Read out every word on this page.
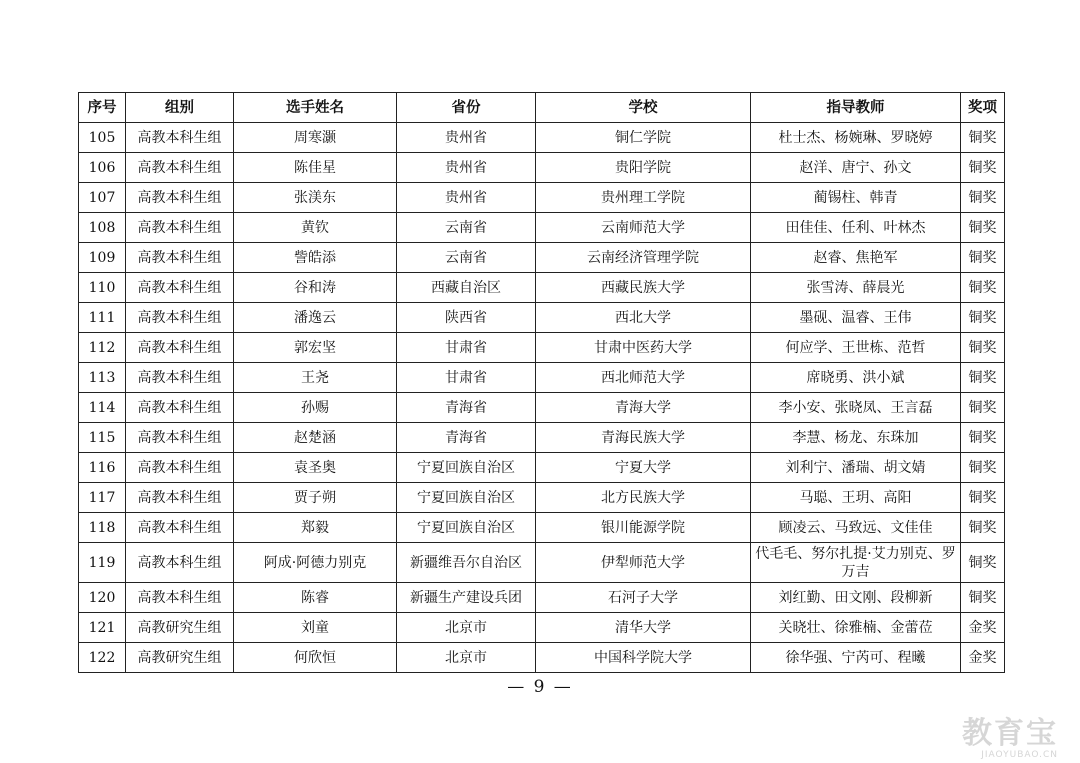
序号	组别	选手姓名	省份	学校	指导教师	奖项
105	高教本科生组	周寒灏	贵州省	铜仁学院	杜士杰、杨婉琳、罗晓婷	铜奖
106	高教本科生组	陈佳星	贵州省	贵阳学院	赵洋、唐宁、孙文	铜奖
107	高教本科生组	张渼东	贵州省	贵州理工学院	蔺锡柱、韩青	铜奖
108	高教本科生组	黄钦	云南省	云南师范大学	田佳佳、任利、叶林杰	铜奖
109	高教本科生组	訾皓添	云南省	云南经济管理学院	赵睿、焦艳军	铜奖
110	高教本科生组	谷和涛	西藏自治区	西藏民族大学	张雪涛、薛晨光	铜奖
111	高教本科生组	潘逸云	陕西省	西北大学	墨砚、温睿、王伟	铜奖
112	高教本科生组	郭宏坚	甘肃省	甘肃中医药大学	何应学、王世栋、范哲	铜奖
113	高教本科生组	王尧	甘肃省	西北师范大学	席晓勇、洪小斌	铜奖
114	高教本科生组	孙赐	青海省	青海大学	李小安、张晓凤、王言磊	铜奖
115	高教本科生组	赵楚涵	青海省	青海民族大学	李慧、杨龙、东珠加	铜奖
116	高教本科生组	袁圣奥	宁夏回族自治区	宁夏大学	刘利宁、潘瑞、胡文婧	铜奖
117	高教本科生组	贾子朔	宁夏回族自治区	北方民族大学	马聪、王玥、高阳	铜奖
118	高教本科生组	郑毅	宁夏回族自治区	银川能源学院	顾凌云、马致远、文佳佳	铜奖
119	高教本科生组	阿成·阿德力别克	新疆维吾尔自治区	伊犁师范大学	代毛毛、努尔扎提·艾力别克、罗万吉	铜奖
120	高教本科生组	陈睿	新疆生产建设兵团	石河子大学	刘红勤、田文刚、段柳新	铜奖
121	高教研究生组	刘童	北京市	清华大学	关晓壮、徐雅楠、金蕾莅	金奖
122	高教研究生组	何欣恒	北京市	中国科学院大学	徐华强、宁芮可、程曦	金奖
— 9 —
教育宝
JIAOYUBAO.CN
